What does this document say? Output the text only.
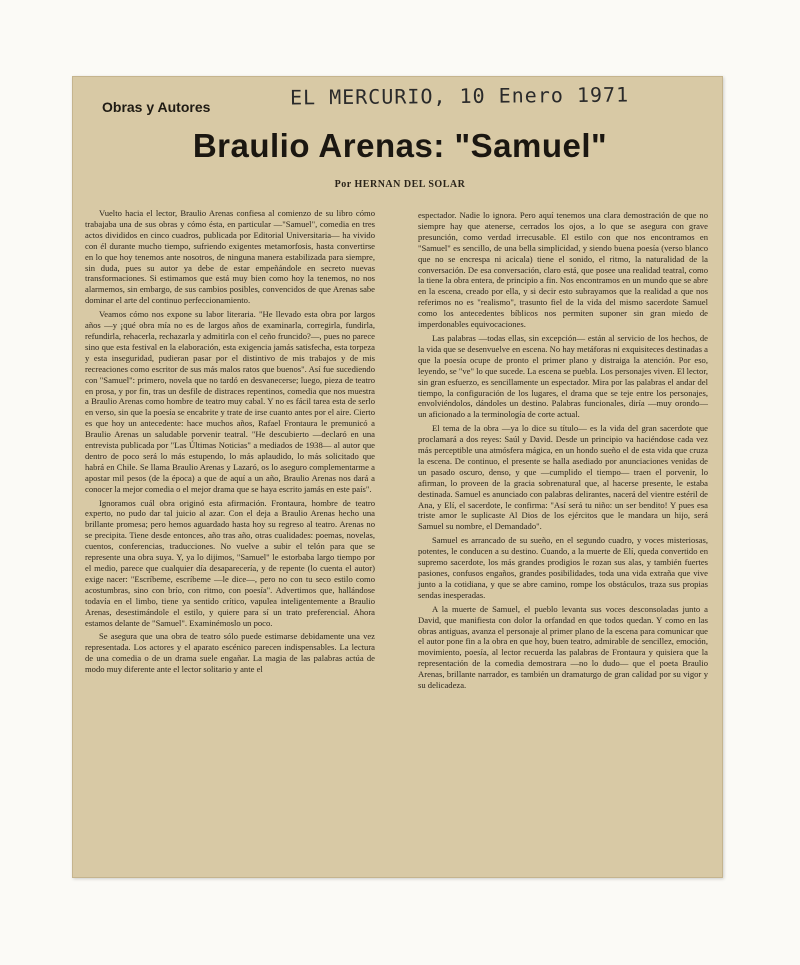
EL MERCURIO, 10 Enero 1971
Obras y Autores
Braulio Arenas: "Samuel"
Por HERNAN DEL SOLAR

Vuelto hacia el lector, Braulio Arenas confiesa al comienzo de su libro cómo trabajaba una de sus obras y cómo ésta, en particular —"Samuel", comedia en tres actos divididos en cinco cuadros, publicada por Editorial Universitaria— ha vivido con él durante mucho tiempo, sufriendo exigentes metamorfosis, hasta convertirse en lo que hoy tenemos ante nosotros, de ninguna manera estabilizada para siempre, sin duda, pues su autor ya debe de estar empeñándole en secreto nuevas transformaciones. Si estimamos que está muy bien como hoy la tenemos, no nos alarmemos, sin embargo, de sus cambios posibles, convencidos de que Arenas sabe dominar el arte del continuo perfeccionamiento.

Veamos cómo nos expone su labor literaria. "He llevado esta obra por largos años —y ¡qué obra mía no es de largos años de examinarla, corregirla, fundirla, refundirla, rehacerla, rechazarla y admitirla con el ceño fruncido?—, pues no parece sino que esta festival en la elaboración, esta exigencia jamás satisfecha, esta torpeza y esta inseguridad, pudieran pasar por el distintivo de mis trabajos y de mis recreaciones como escritor de sus más malos ratos que buenos". Así fue sucediendo con "Samuel": primero, novela que no tardó en desvanecerse; luego, pieza de teatro en prosa, y por fin, tras un desfile de distraces repentinos, comedia que nos muestra a Braulio Arenas como hombre de teatro muy cabal. Y no es fácil tarea esta de serlo en verso, sin que la poesía se encabrite y trate de irse cuanto antes por el aire. Cierto es que hoy un antecedente: hace muchos años, Rafael Frontaura le premunicó a Braulio Arenas un saludable porvenir teatral. "He descubierto —declaró en una entrevista publicada por "Las Últimas Noticias" a mediados de 1938— al autor que dentro de poco será lo más estupendo, lo más aplaudido, lo más solicitado que habrá en Chile. Se llama Braulio Arenas y Lazaró, os lo aseguro complementarme a apostar mil pesos (de la época) a que de aquí a un año, Braulio Arenas nos dará a conocer la mejor comedia o el mejor drama que se haya escrito jamás en este país".

Ignoramos cuál obra originó esta afirmación. Frontaura, hombre de teatro experto, no pudo dar tal juicio al azar. Con el deja a Braulio Arenas hecho una brillante promesa; pero hemos aguardado hasta hoy su regreso al teatro. Arenas no se precipita. Tiene desde entonces, año tras año, otras cualidades: poemas, novelas, cuentos, conferencias, traducciones. No vuelve a subir el telón para que se represente una obra suya. Y, ya lo dijimos, "Samuel" le estorbaba largo tiempo por el medio, parece que cualquier día desaparecería, y de repente (lo cuenta el autor) exige nacer: "Escríbeme, escríbeme —le dice—, pero no con tu seco estilo como acostumbras, sino con brío, con ritmo, con poesía". Advertimos que, hallándose todavía en el limbo, tiene ya sentido crítico, vapulea inteligentemente a Braulio Arenas, desestimándole el estilo, y quiere para sí un trato preferencial. Ahora estamos delante de "Samuel". Examinémoslo un poco.

Se asegura que una obra de teatro sólo puede estimarse debidamente una vez representada. Los actores y el aparato escénico parecen indispensables. La lectura de una comedia o de un drama suele engañar. La magia de las palabras actúa de modo muy diferente ante el lector solitario y ante el

espectador. Nadie lo ignora. Pero aquí tenemos una clara demostración de que no siempre hay que atenerse, cerrados los ojos, a lo que se asegura con grave presunción, como verdad irrecusable. El estilo con que nos encontramos en "Samuel" es sencillo, de una bella simplicidad, y siendo buena poesía (verso blanco que no se encrespa ni acicala) tiene el sonido, el ritmo, la naturalidad de la conversación. De esa conversación, claro está, que posee una realidad teatral, como la tiene la obra entera, de principio a fin. Nos encontramos en un mundo que se abre en la escena, creado por ella, y si decir esto subrayamos que la realidad a que nos referimos no es "realismo", trasunto fiel de la vida del mismo sacerdote Samuel como los antecedentes bíblicos nos permiten suponer sin gran miedo de imperdonables equivocaciones.

Las palabras —todas ellas, sin excepción— están al servicio de los hechos, de la vida que se desenvuelve en escena. No hay metáforas ni exquisiteces destinadas a que la poesía ocupe de pronto el primer plano y distraiga la atención. Por eso, leyendo, se "ve" lo que sucede. La escena se puebla. Los personajes viven. El lector, sin gran esfuerzo, es sencillamente un espectador. Mira por las palabras el andar del tiempo, la configuración de los lugares, el drama que se teje entre los personajes, envolviéndolos, dándoles un destino. Palabras funcionales, diría —muy orondo— un aficionado a la terminología de corte actual.

El tema de la obra —ya lo dice su título— es la vida del gran sacerdote que proclamará a dos reyes: Saúl y David. Desde un principio va haciéndose cada vez más perceptible una atmósfera mágica, en un hondo sueño el de esta vida que cruza la escena. De continuo, el presente se halla asediado por anunciaciones venidas de un pasado oscuro, denso, y que —cumplido el tiempo— traen el porvenir, lo afirman, lo proveen de la gracia sobrenatural que, al hacerse presente, le estaba destinada. Samuel es anunciado con palabras delirantes, nacerá del vientre estéril de Ana, y Elí, el sacerdote, le confirma: "Así será tu niño: un ser bendito! Y pues esa triste amor le suplicaste Al Dios de los ejércitos que le mandara un hijo, será Samuel su nombre, el Demandado".

Samuel es arrancado de su sueño, en el segundo cuadro, y voces misteriosas, potentes, le conducen a su destino. Cuando, a la muerte de Elí, queda convertido en supremo sacerdote, los más grandes prodigios le rozan sus alas, y también fuertes pasiones, confusos engaños, grandes posibilidades, toda una vida extraña que vive junto a la cotidiana, y que se abre camino, rompe los obstáculos, traza sus propias sendas inesperadas.

A la muerte de Samuel, el pueblo levanta sus voces desconsoladas junto a David, que manifiesta con dolor la orfandad en que todos quedan. Y como en las obras antiguas, avanza el personaje al primer plano de la escena para comunicar que el autor pone fin a la obra en que hoy, buen teatro, admirable de sencillez, emoción, movimiento, poesía, al lector recuerda las palabras de Frontaura y quisiera que la representación de la comedia demostrara —no lo dudo— que el poeta Braulio Arenas, brillante narrador, es también un dramaturgo de gran calidad por su vigor y su delicadeza.
